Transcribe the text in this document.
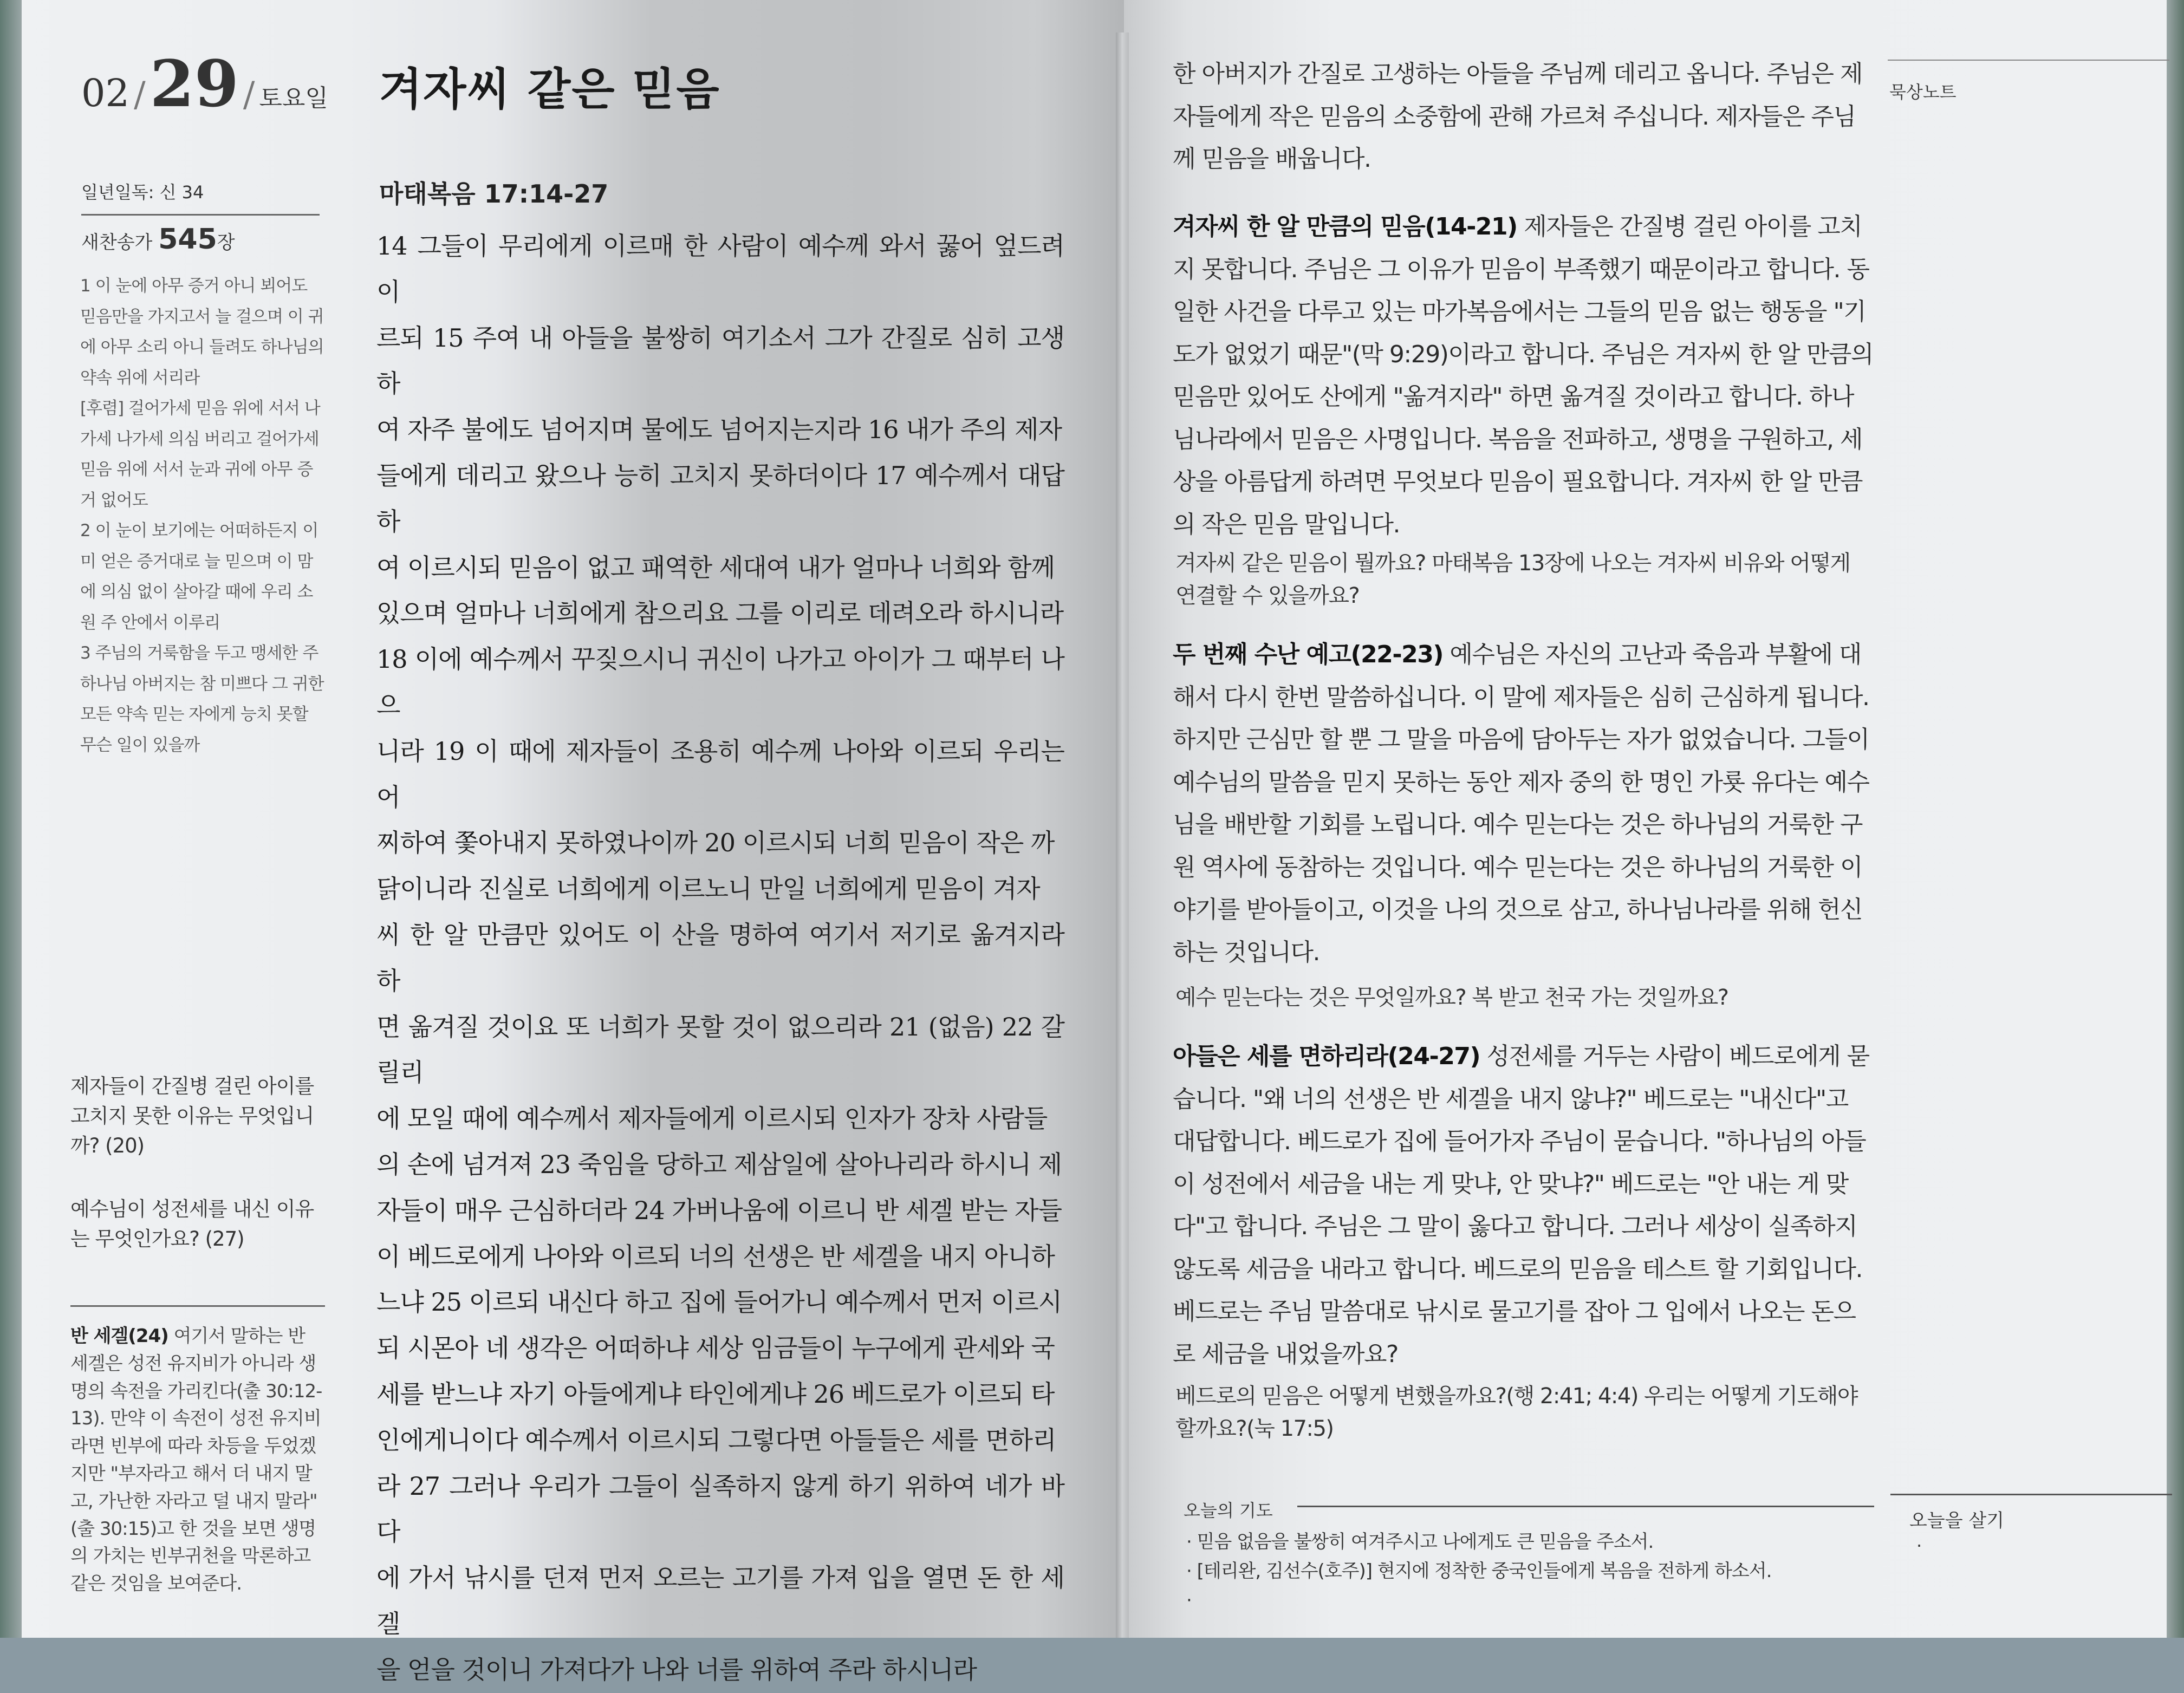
02 /29 / 토요일
일년일독: 신 34
새찬송가 545장

1 이 눈에 아무 증거 아니 뵈어도 믿음만을 가지고서 늘 걸으며 이 귀에 아무 소리 아니 들려도 하나님의 약속 위에 서리라

[후렴] 걸어가세 믿음 위에 서서 나가세 나가세 의심 버리고 걸어가세 믿음 위에 서서 눈과 귀에 아무 증거 없어도

2 이 눈이 보기에는 어떠하든지 이미 얻은 증거대로 늘 믿으며 이 맘에 의심 없이 살아갈 때에 우리 소원 주 안에서 이루리

3 주님의 거룩함을 두고 맹세한 주 하나님 아버지는 참 미쁘다 그 귀한 모든 약속 믿는 자에게 능치 못할 무슨 일이 있을까

제자들이 간질병 걸린 아이를 고치지 못한 이유는 무엇입니까? (20)
예수님이 성전세를 내신 이유는 무엇인가요? (27)
반 세겔(24) 여기서 말하는 반 세겔은 성전 유지비가 아니라 생명의 속전을 가리킨다(출 30:12-13). 만약 이 속전이 성전 유지비라면 빈부에 따라 차등을 두었겠지만 "부자라고 해서 더 내지 말고, 가난한 자라고 덜 내지 말라"(출 30:15)고 한 것을 보면 생명의 가치는 빈부귀천을 막론하고 같은 것임을 보여준다.
겨자씨 같은 믿음
마태복음 17:14-27

14 그들이 무리에게 이르매 한 사람이 예수께 와서 꿇어 엎드려 이

르되 15 주여 내 아들을 불쌍히 여기소서 그가 간질로 심히 고생하

여 자주 불에도 넘어지며 물에도 넘어지는지라 16 내가 주의 제자

들에게 데리고 왔으나 능히 고치지 못하더이다 17 예수께서 대답하

여 이르시되 믿음이 없고 패역한 세대여 내가 얼마나 너희와 함께

있으며 얼마나 너희에게 참으리요 그를 이리로 데려오라 하시니라

18 이에 예수께서 꾸짖으시니 귀신이 나가고 아이가 그 때부터 나으

니라 19 이 때에 제자들이 조용히 예수께 나아와 이르되 우리는 어

찌하여 쫓아내지 못하였나이까 20 이르시되 너희 믿음이 작은 까

닭이니라 진실로 너희에게 이르노니 만일 너희에게 믿음이 겨자

씨 한 알 만큼만 있어도 이 산을 명하여 여기서 저기로 옮겨지라 하

면 옮겨질 것이요 또 너희가 못할 것이 없으리라 21 (없음) 22 갈릴리

에 모일 때에 예수께서 제자들에게 이르시되 인자가 장차 사람들

의 손에 넘겨져 23 죽임을 당하고 제삼일에 살아나리라 하시니 제

자들이 매우 근심하더라 24 가버나움에 이르니 반 세겔 받는 자들

이 베드로에게 나아와 이르되 너의 선생은 반 세겔을 내지 아니하

느냐 25 이르되 내신다 하고 집에 들어가니 예수께서 먼저 이르시

되 시몬아 네 생각은 어떠하냐 세상 임금들이 누구에게 관세와 국

세를 받느냐 자기 아들에게냐 타인에게냐 26 베드로가 이르되 타

인에게니이다 예수께서 이르시되 그렇다면 아들들은 세를 면하리

라 27 그러나 우리가 그들이 실족하지 않게 하기 위하여 네가 바다

에 가서 낚시를 던져 먼저 오르는 고기를 가져 입을 열면 돈 한 세겔

을 얻을 것이니 가져다가 나와 너를 위하여 주라 하시니라

묵상노트
한 아버지가 간질로 고생하는 아들을 주님께 데리고 옵니다. 주님은 제자들에게 작은 믿음의 소중함에 관해 가르쳐 주십니다. 제자들은 주님께 믿음을 배웁니다.
겨자씨 한 알 만큼의 믿음(14-21) 제자들은 간질병 걸린 아이를 고치지 못합니다. 주님은 그 이유가 믿음이 부족했기 때문이라고 합니다. 동일한 사건을 다루고 있는 마가복음에서는 그들의 믿음 없는 행동을 "기도가 없었기 때문"(막 9:29)이라고 합니다. 주님은 겨자씨 한 알 만큼의 믿음만 있어도 산에게 "옮겨지라" 하면 옮겨질 것이라고 합니다. 하나님나라에서 믿음은 사명입니다. 복음을 전파하고, 생명을 구원하고, 세상을 아름답게 하려면 무엇보다 믿음이 필요합니다. 겨자씨 한 알 만큼의 작은 믿음 말입니다.
겨자씨 같은 믿음이 뭘까요? 마태복음 13장에 나오는 겨자씨 비유와 어떻게 연결할 수 있을까요?
두 번째 수난 예고(22-23) 예수님은 자신의 고난과 죽음과 부활에 대해서 다시 한번 말씀하십니다. 이 말에 제자들은 심히 근심하게 됩니다. 하지만 근심만 할 뿐 그 말을 마음에 담아두는 자가 없었습니다. 그들이 예수님의 말씀을 믿지 못하는 동안 제자 중의 한 명인 가룟 유다는 예수님을 배반할 기회를 노립니다. 예수 믿는다는 것은 하나님의 거룩한 구원 역사에 동참하는 것입니다. 예수 믿는다는 것은 하나님의 거룩한 이야기를 받아들이고, 이것을 나의 것으로 삼고, 하나님나라를 위해 헌신하는 것입니다.
예수 믿는다는 것은 무엇일까요? 복 받고 천국 가는 것일까요?
아들은 세를 면하리라(24-27) 성전세를 거두는 사람이 베드로에게 묻습니다. "왜 너의 선생은 반 세겔을 내지 않냐?" 베드로는 "내신다"고 대답합니다. 베드로가 집에 들어가자 주님이 묻습니다. "하나님의 아들이 성전에서 세금을 내는 게 맞냐, 안 맞냐?" 베드로는 "안 내는 게 맞다"고 합니다. 주님은 그 말이 옳다고 합니다. 그러나 세상이 실족하지 않도록 세금을 내라고 합니다. 베드로의 믿음을 테스트 할 기회입니다. 베드로는 주님 말씀대로 낚시로 물고기를 잡아 그 입에서 나오는 돈으로 세금을 내었을까요?
베드로의 믿음은 어떻게 변했을까요?(행 2:41; 4:4) 우리는 어떻게 기도해야 할까요?(눅 17:5)
오늘의 기도
· 믿음 없음을 불쌍히 여겨주시고 나에게도 큰 믿음을 주소서.
· [테리완, 김선수(호주)] 현지에 정착한 중국인들에게 복음을 전하게 하소서.
·
오늘을 살기
·
